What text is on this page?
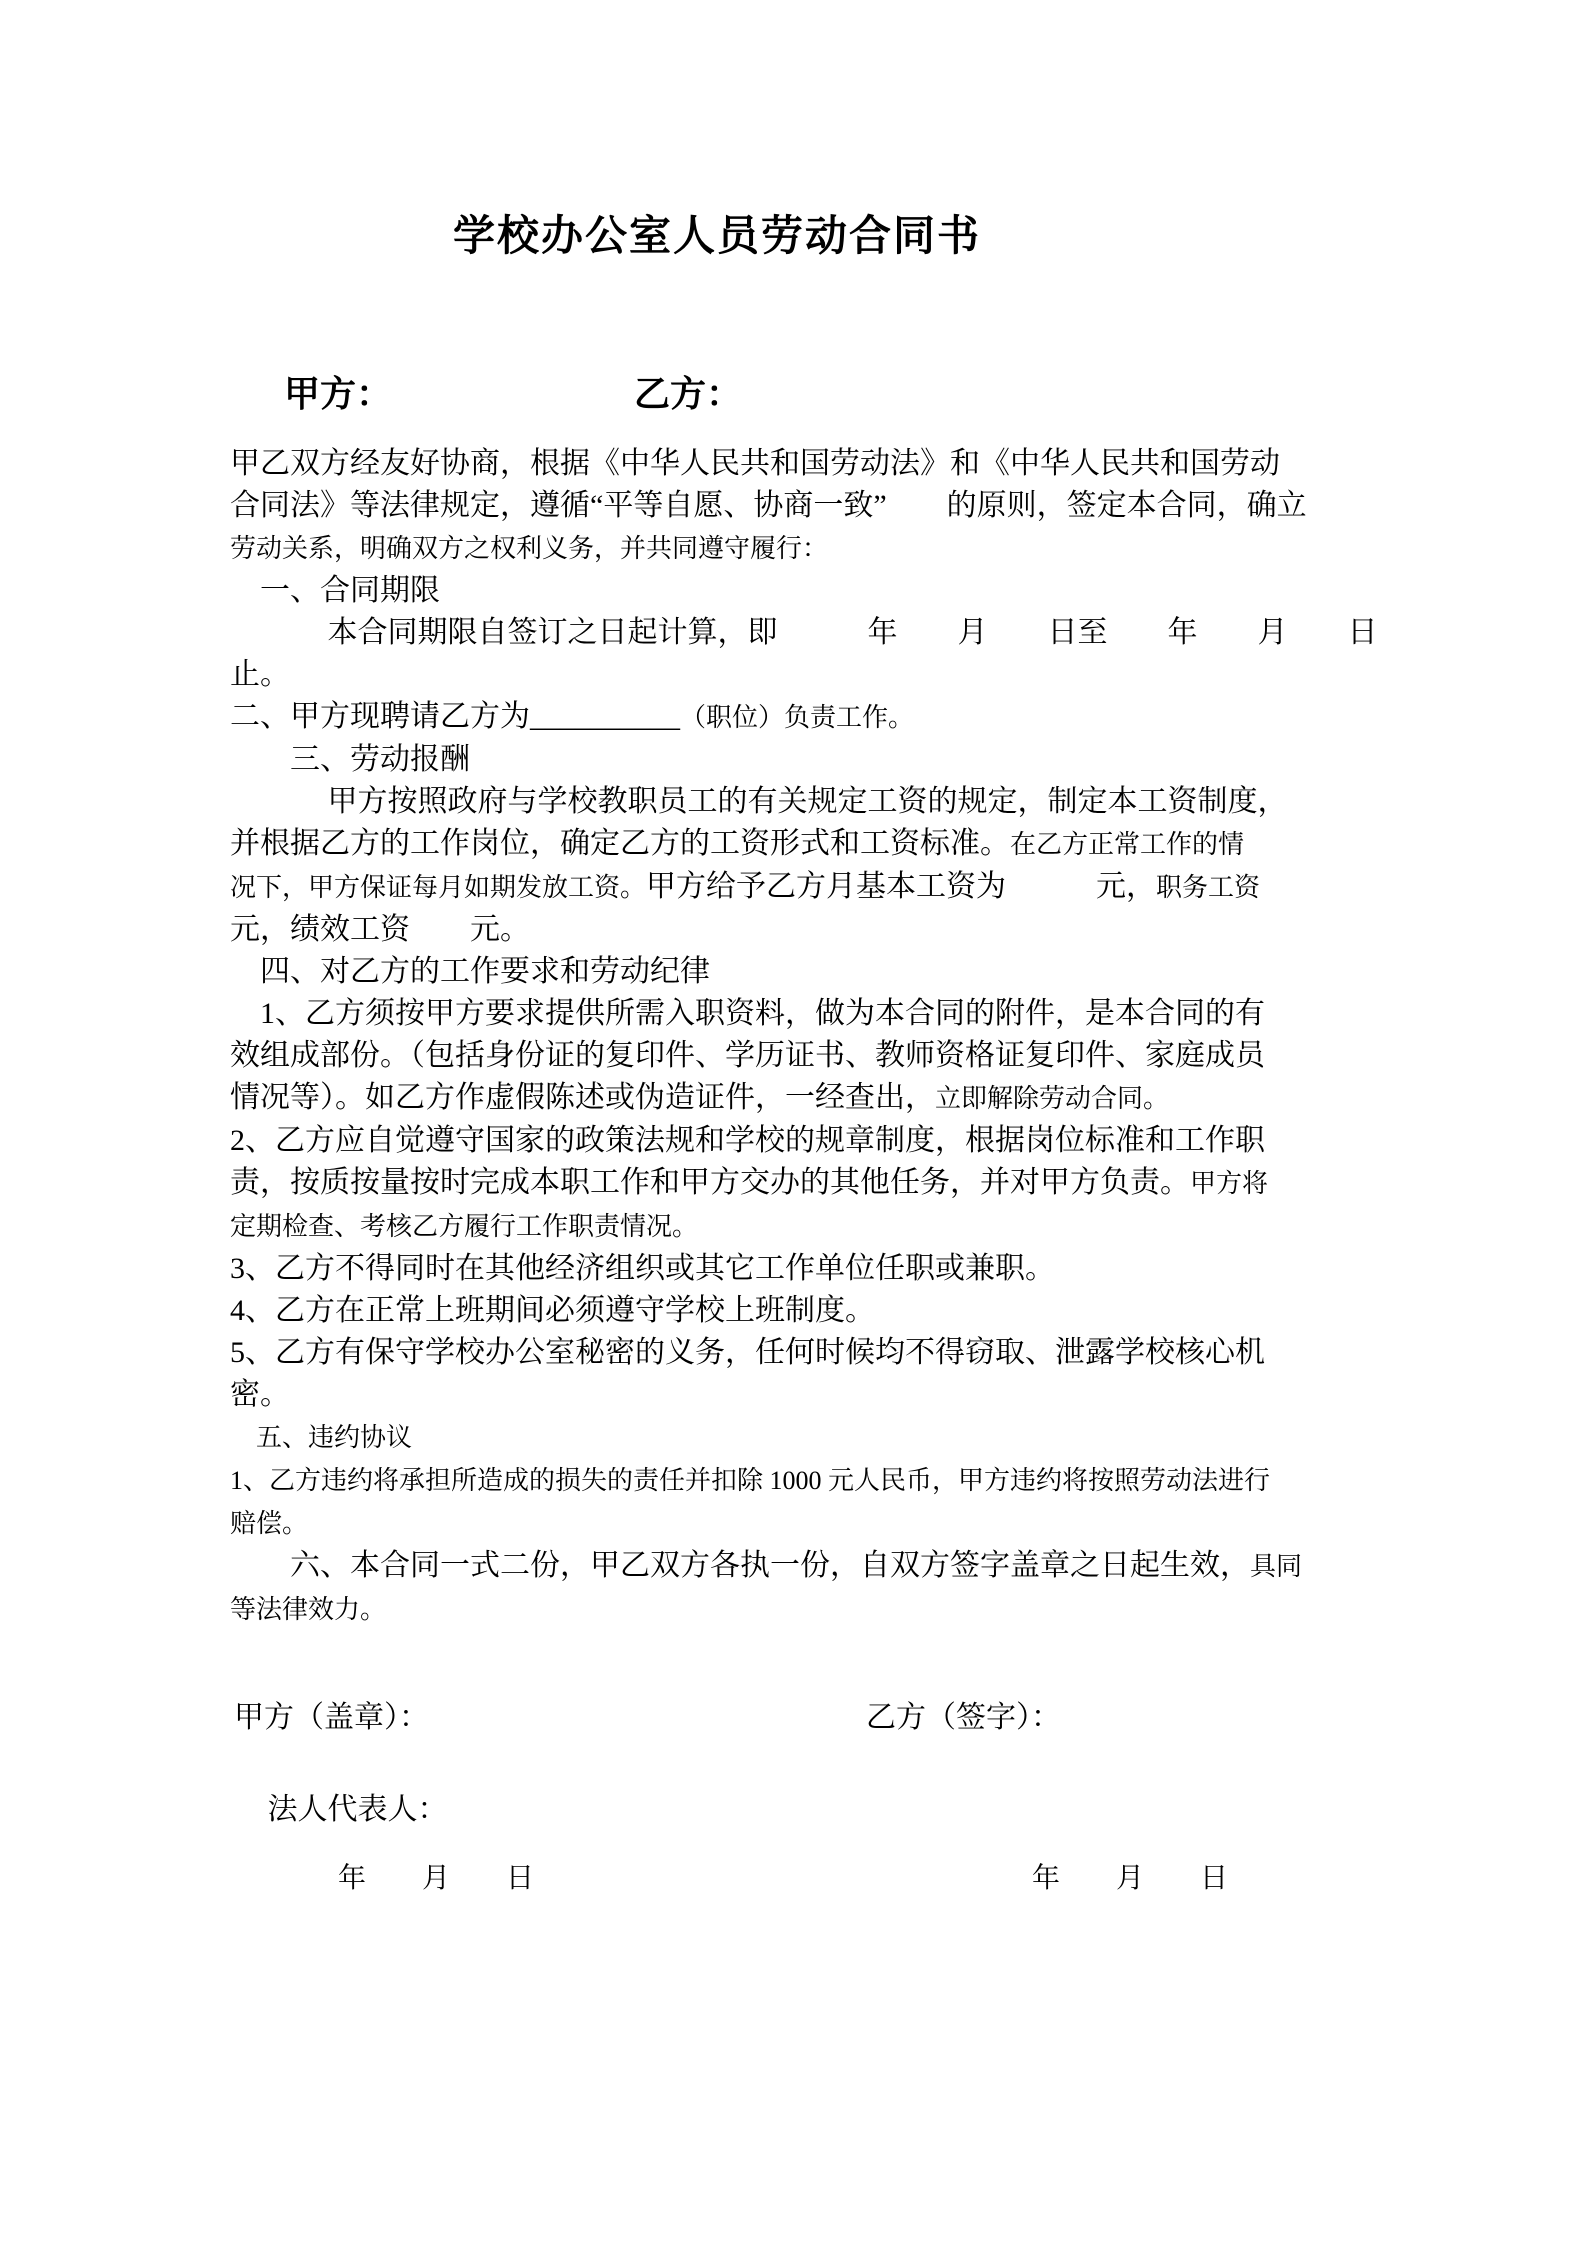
学校办公室人员劳动合同书
甲方：	乙方：
甲乙双方经友好协商，根据《中华人民共和国劳动法》和《中华人民共和国劳动
合同法》等法律规定，遵循“平等自愿、协商一致”　　的原则，签定本合同，确立
劳动关系，明确双方之权利义务，并共同遵守履行：
　一、合同期限
　　　 本合同期限自签订之日起计算，即　　　年　　月　　日至　　年　　月　　日
止。
二、甲方现聘请乙方为__________（职位）负责工作。
　　三、劳动报酬
　　　 甲方按照政府与学校教职员工的有关规定工资的规定，制定本工资制度，
并根据乙方的工作岗位，确定乙方的工资形式和工资标准。在乙方正常工作的情
况下，甲方保证每月如期发放工资。甲方给予乙方月基本工资为　　　元，职务工资
元，绩效工资　　元。
　四、对乙方的工作要求和劳动纪律
　1、乙方须按甲方要求提供所需入职资料，做为本合同的附件，是本合同的有
效组成部份。（包括身份证的复印件、学历证书、教师资格证复印件、家庭成员
情况等）。如乙方作虚假陈述或伪造证件，一经查出，立即解除劳动合同。
2、乙方应自觉遵守国家的政策法规和学校的规章制度，根据岗位标准和工作职
责，按质按量按时完成本职工作和甲方交办的其他任务，并对甲方负责。甲方将
定期检查、考核乙方履行工作职责情况。
3、乙方不得同时在其他经济组织或其它工作单位任职或兼职。
4、乙方在正常上班期间必须遵守学校上班制度。
5、乙方有保守学校办公室秘密的义务，任何时候均不得窃取、泄露学校核心机
密。
　五、违约协议
1、乙方违约将承担所造成的损失的责任并扣除 1000 元人民币，甲方违约将按照劳动法进行
赔偿。
　　六、本合同一式二份，甲乙双方各执一份，自双方签字盖章之日起生效，具同
等法律效力。
甲方（盖章）：	乙方（签字）：
　 法人代表人：
年　　月　　日	年　　月　　日
